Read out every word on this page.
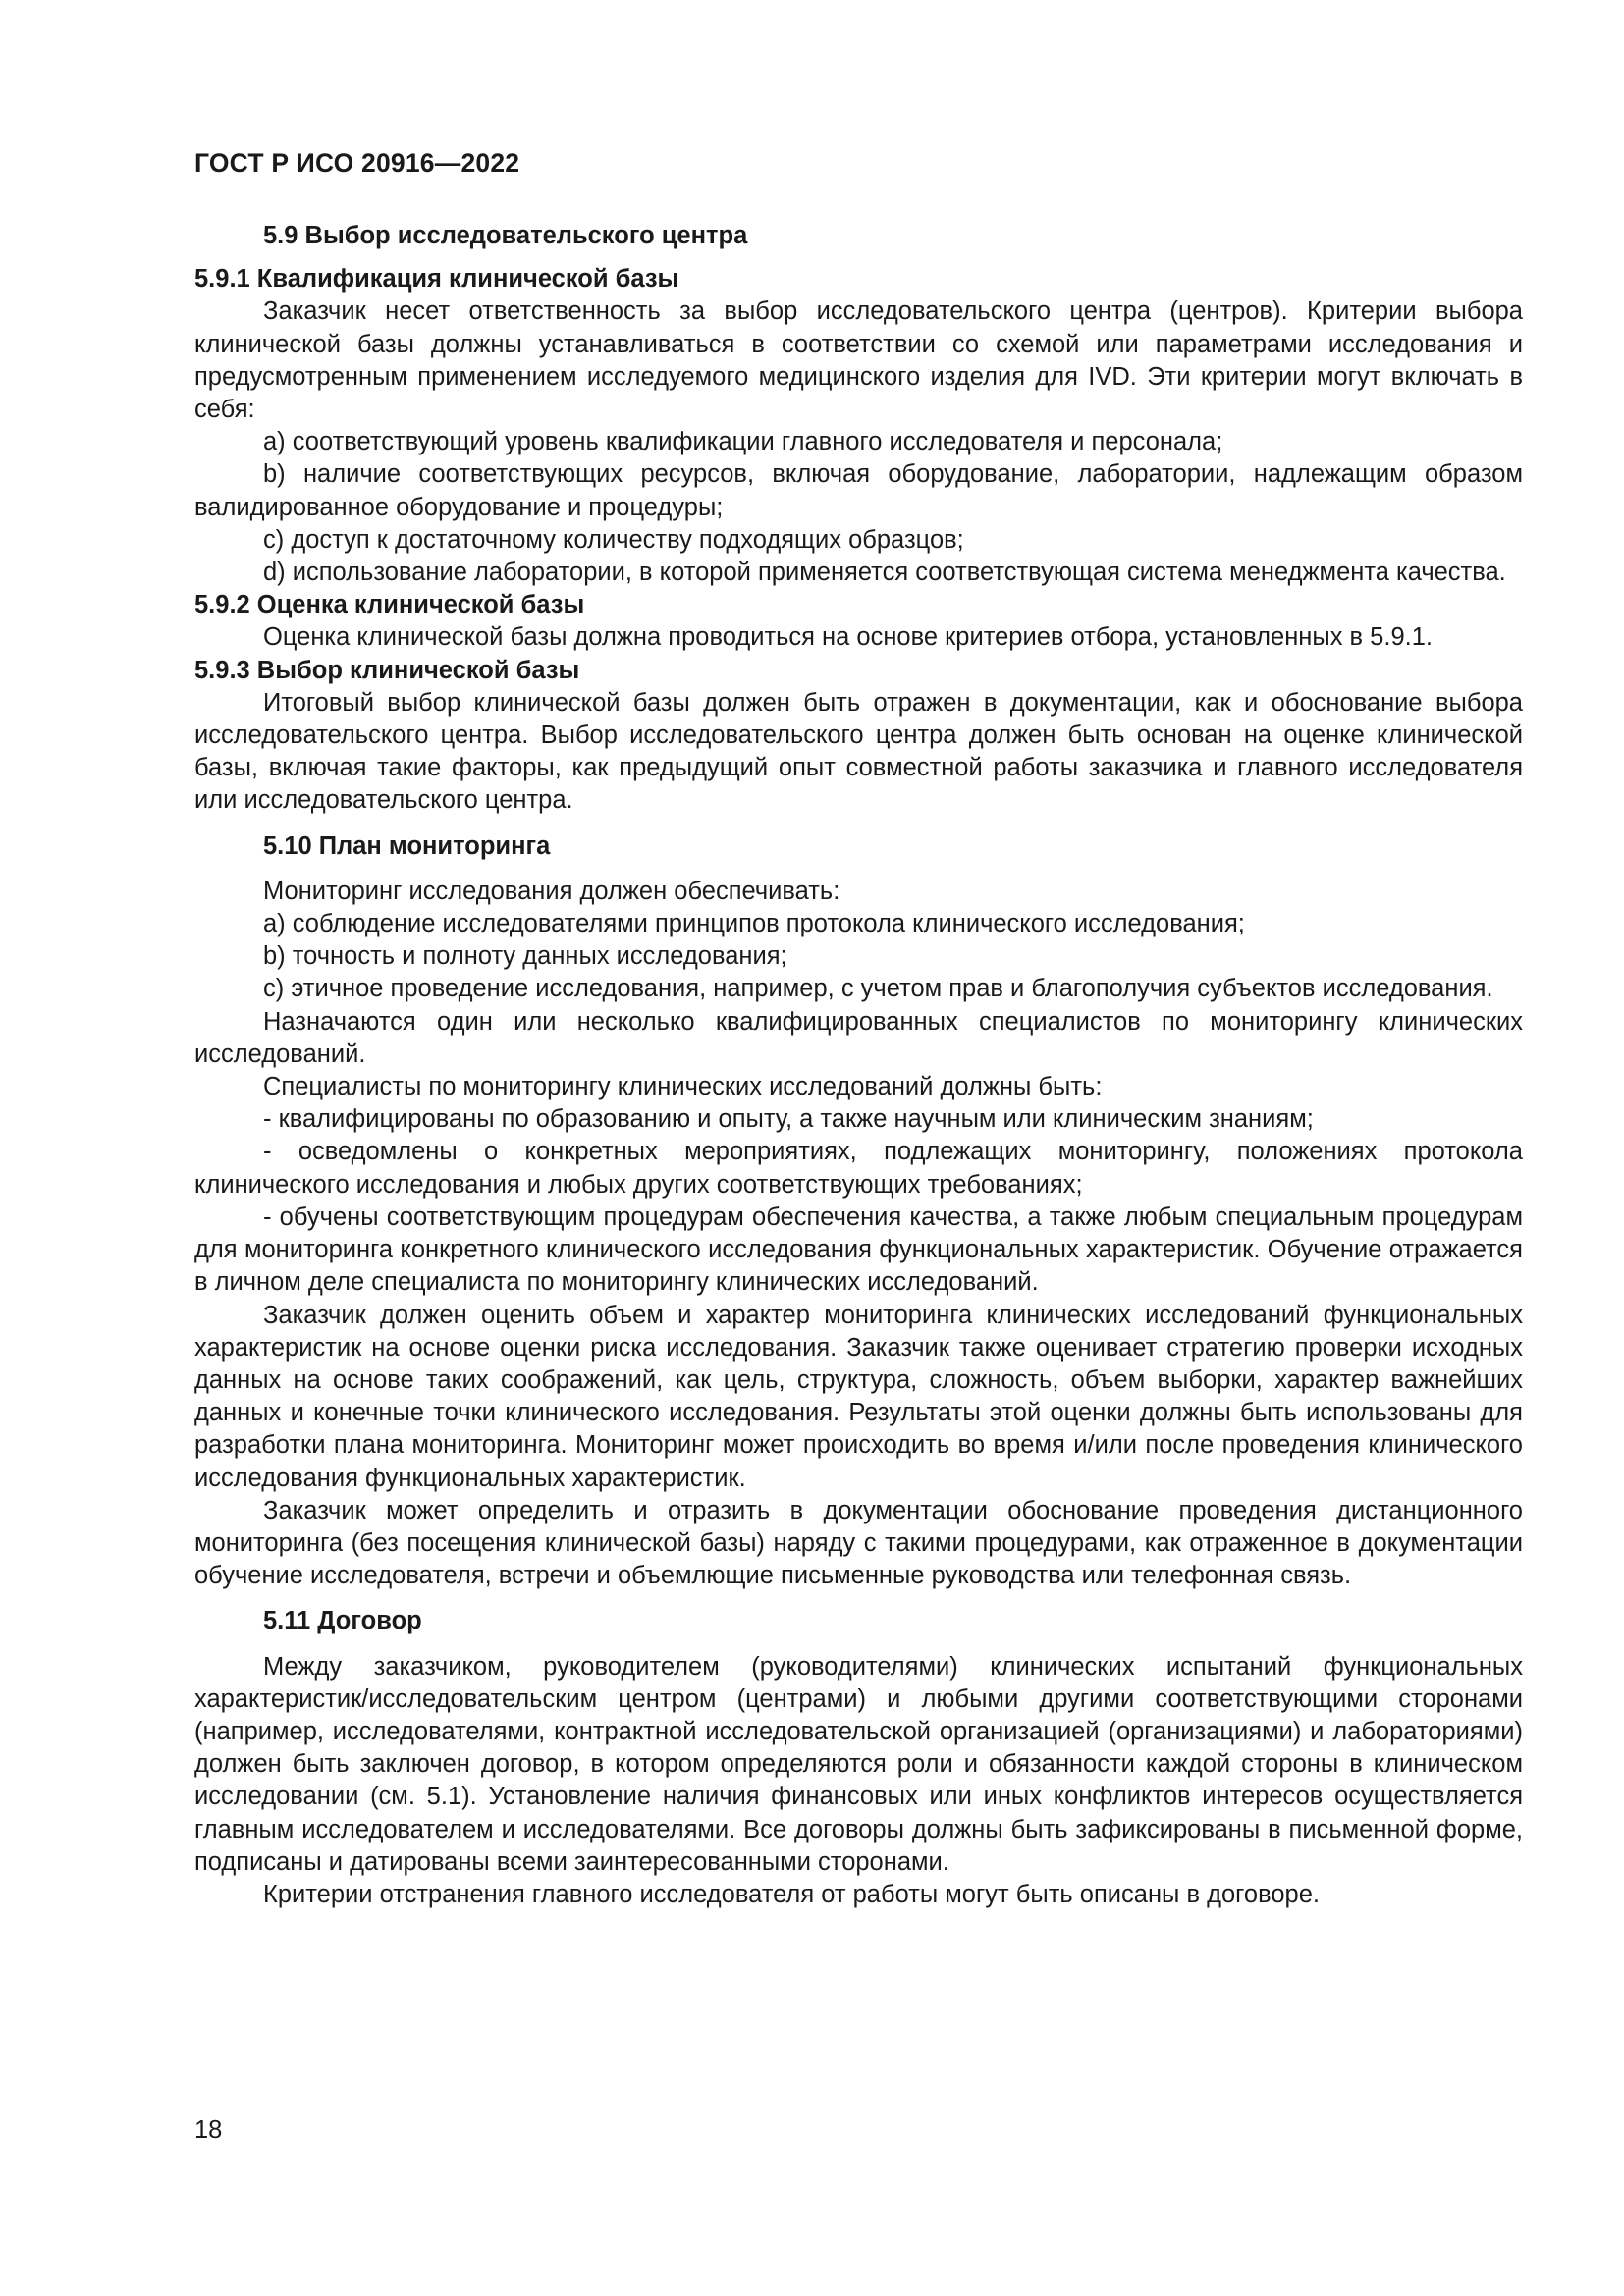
ГОСТ Р ИСО 20916—2022
5.9 Выбор исследовательского центра
5.9.1 Квалификация клинической базы

Заказчик несет ответственность за выбор исследовательского центра (центров). Критерии выбора клинической базы должны устанавливаться в соответствии со схемой или параметрами исследования и предусмотренным применением исследуемого медицинского изделия для IVD. Эти критерии могут включать в себя:

a) соответствующий уровень квалификации главного исследователя и персонала;

b) наличие соответствующих ресурсов, включая оборудование, лаборатории, надлежащим образом валидированное оборудование и процедуры;

c) доступ к достаточному количеству подходящих образцов;

d) использование лаборатории, в которой применяется соответствующая система менеджмента качества.

5.9.2 Оценка клинической базы

Оценка клинической базы должна проводиться на основе критериев отбора, установленных в 5.9.1.

5.9.3 Выбор клинической базы

Итоговый выбор клинической базы должен быть отражен в документации, как и обоснование выбора исследовательского центра. Выбор исследовательского центра должен быть основан на оценке клинической базы, включая такие факторы, как предыдущий опыт совместной работы заказчика и главного исследователя или исследовательского центра.

5.10 План мониторинга

Мониторинг исследования должен обеспечивать:

a) соблюдение исследователями принципов протокола клинического исследования;

b) точность и полноту данных исследования;

c) этичное проведение исследования, например, с учетом прав и благополучия субъектов исследования.

Назначаются один или несколько квалифицированных специалистов по мониторингу клинических исследований.

Специалисты по мониторингу клинических исследований должны быть:

- квалифицированы по образованию и опыту, а также научным или клиническим знаниям;

- осведомлены о конкретных мероприятиях, подлежащих мониторингу, положениях протокола клинического исследования и любых других соответствующих требованиях;

- обучены соответствующим процедурам обеспечения качества, а также любым специальным процедурам для мониторинга конкретного клинического исследования функциональных характеристик. Обучение отражается в личном деле специалиста по мониторингу клинических исследований.

Заказчик должен оценить объем и характер мониторинга клинических исследований функциональных характеристик на основе оценки риска исследования. Заказчик также оценивает стратегию проверки исходных данных на основе таких соображений, как цель, структура, сложность, объем выборки, характер важнейших данных и конечные точки клинического исследования. Результаты этой оценки должны быть использованы для разработки плана мониторинга. Мониторинг может происходить во время и/или после проведения клинического исследования функциональных характеристик.

Заказчик может определить и отразить в документации обоснование проведения дистанционного мониторинга (без посещения клинической базы) наряду с такими процедурами, как отраженное в документации обучение исследователя, встречи и объемлющие письменные руководства или телефонная связь.

5.11 Договор

Между заказчиком, руководителем (руководителями) клинических испытаний функциональных характеристик/исследовательским центром (центрами) и любыми другими соответствующими сторонами (например, исследователями, контрактной исследовательской организацией (организациями) и лабораториями) должен быть заключен договор, в котором определяются роли и обязанности каждой стороны в клиническом исследовании (см. 5.1). Установление наличия финансовых или иных конфликтов интересов осуществляется главным исследователем и исследователями. Все договоры должны быть зафиксированы в письменной форме, подписаны и датированы всеми заинтересованными сторонами.

Критерии отстранения главного исследователя от работы могут быть описаны в договоре.

18
